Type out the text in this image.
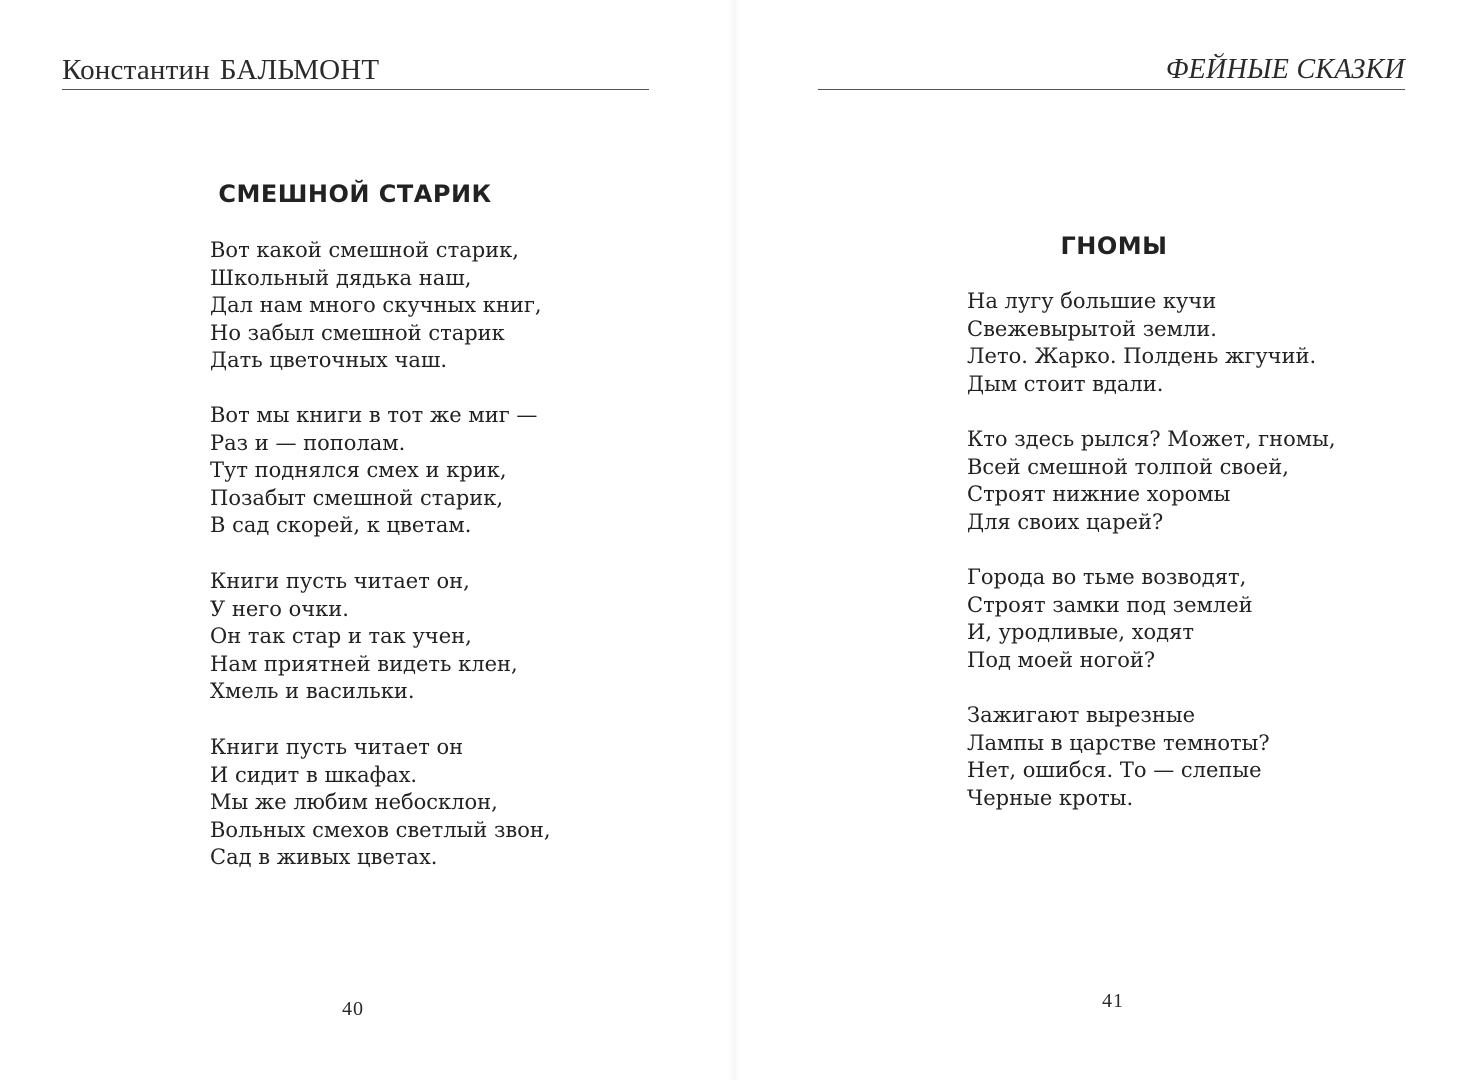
Константин БАЛЬМОНТ
СМЕШНОЙ СТАРИК
Вот какой смешной старик,
Школьный дядька наш,
Дал нам много скучных книг,
Но забыл смешной старик
Дать цветочных чаш.
Вот мы книги в тот же миг —
Раз и — пополам.
Тут поднялся смех и крик,
Позабыт смешной старик,
В сад скорей, к цветам.
Книги пусть читает он,
У него очки.
Он так стар и так учен,
Нам приятней видеть клен,
Хмель и васильки.
Книги пусть читает он
И сидит в шкафах.
Мы же любим небосклон,
Вольных смехов светлый звон,
Сад в живых цветах.
40
ФЕЙНЫЕ СКАЗКИ
ГНОМЫ
На лугу большие кучи
Свежевырытой земли.
Лето. Жарко. Полдень жгучий.
Дым стоит вдали.
Кто здесь рылся? Может, гномы,
Всей смешной толпой своей,
Строят нижние хоромы
Для своих царей?
Города во тьме возводят,
Строят замки под землей
И, уродливые, ходят
Под моей ногой?
Зажигают вырезные
Лампы в царстве темноты?
Нет, ошибся. То — слепые
Черные кроты.
41
